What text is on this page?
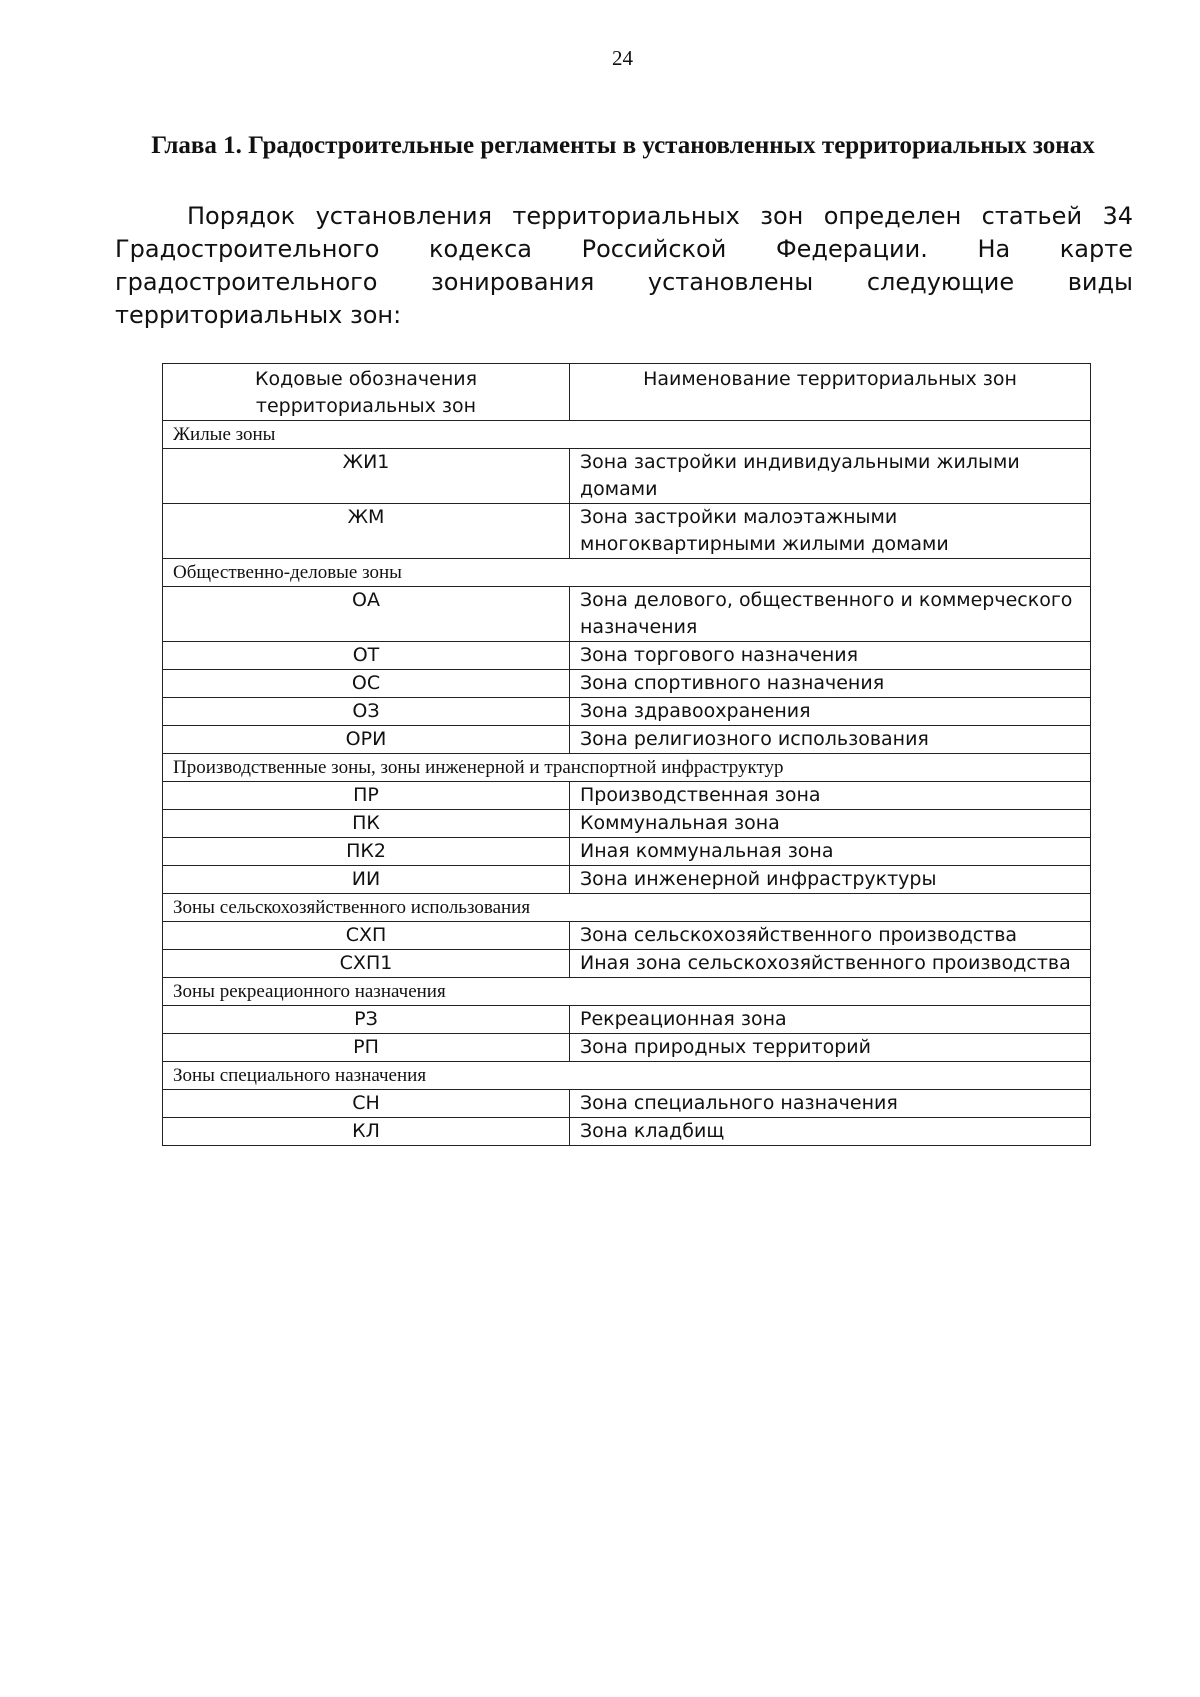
24
Глава 1. Градостроительные регламенты в установленных территориальных зонах

Порядок установления территориальных зон определен статьей 34 Градостроительного кодекса Российской Федерации. На карте градостроительного зонирования установлены следующие виды территориальных зон:

Кодовые обозначения территориальных зон	Наименование территориальных зон
Жилые зоны	
ЖИ1	Зона застройки индивидуальными жилыми домами
ЖМ	Зона застройки малоэтажными многоквартирными жилыми домами
Общественно-деловые зоны	
ОА	Зона делового, общественного и коммерческого назначения
ОТ	Зона торгового назначения
ОС	Зона спортивного назначения
ОЗ	Зона здравоохранения
ОРИ	Зона религиозного использования
Производственные зоны, зоны инженерной и транспортной инфраструктур	
ПР	Производственная зона
ПК	Коммунальная зона
ПК2	Иная коммунальная зона
ИИ	Зона инженерной инфраструктуры
Зоны сельскохозяйственного использования	
СХП	Зона сельскохозяйственного производства
СХП1	Иная зона сельскохозяйственного производства
Зоны рекреационного назначения	
РЗ	Рекреационная зона
РП	Зона природных территорий
Зоны специального назначения	
СН	Зона специального назначения
КЛ	Зона кладбищ
